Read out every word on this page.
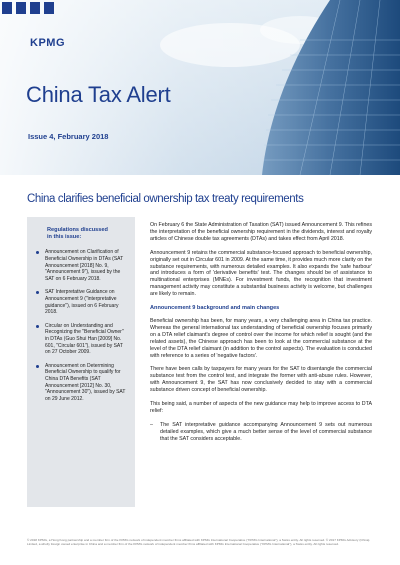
KPMG
China Tax Alert
Issue 4, February 2018
China clarifies beneficial ownership tax treaty requirements
Regulations discussed
in this issue:
Announcement on Clarification of Beneficial Ownership in DTAs (SAT Announcement [2018] No. 9, "Announcement 9"), issued by the SAT on 6 February 2018.
SAT Interpretative Guidance on Announcement 9 ("interpretative guidance"), issued on 6 February 2018.
Circular on Understanding and Recognizing the "Beneficial Owner" in DTAs (Guo Shui Han [2009] No. 601, "Circular 601"), issued by SAT on 27 October 2009.
Announcement on Determining Beneficial Ownership to qualify for China DTA Benefits (SAT Announcement [2012] No. 30, "Announcement 30"), issued by SAT on 29 June 2012.

On February 6 the State Administration of Taxation (SAT) issued Announcement 9. This refines the interpretation of the beneficial ownership requirement in the dividends, interest and royalty articles of Chinese double tax agreements (DTAs) and takes effect from April 2018.

Announcement 9 retains the commercial substance-focused approach to beneficial ownership, originally set out in Circular 601 in 2009. At the same time, it provides much more clarity on the substance requirements, with numerous detailed examples. It also expands the 'safe harbour' and introduces a form of 'derivative benefits' test. The changes should be of assistance to multinational enterprises (MNEs). For investment funds, the recognition that investment management activity may constitute a substantial business activity is welcome, but challenges are likely to remain.

Announcement 9 background and main changes

Beneficial ownership has been, for many years, a very challenging area in China tax practice. Whereas the general international tax understanding of beneficial ownership focuses primarily on a DTA relief claimant's degree of control over the income for which relief is sought (and the related assets), the Chinese approach has been to look at the commercial substance at the level of the DTA relief claimant (in addition to the control aspects). The evaluation is conducted with reference to a series of 'negative factors'.

There have been calls by taxpayers for many years for the SAT to disentangle the commercial substance test from the control test, and integrate the former with anti-abuse rules. However, with Announcement 9, the SAT has now conclusively decided to stay with a commercial substance driven concept of beneficial ownership.

This being said, a number of aspects of the new guidance may help to improve access to DTA relief:

– The SAT interpretative guidance accompanying Announcement 9 sets out numerous detailed examples, which give a much better sense of the level of commercial substance that the SAT considers acceptable.

© 2018 KPMG, a Hong Kong partnership and a member firm of the KPMG network of independent member firms affiliated with KPMG International Cooperative ("KPMG International"), a Swiss entity. All rights reserved. © 2017 KPMG Advisory (China) Limited, a wholly foreign owned enterprise in China and a member firm of the KPMG network of independent member firms affiliated with KPMG International Cooperative ("KPMG International"), a Swiss entity. All rights reserved.
